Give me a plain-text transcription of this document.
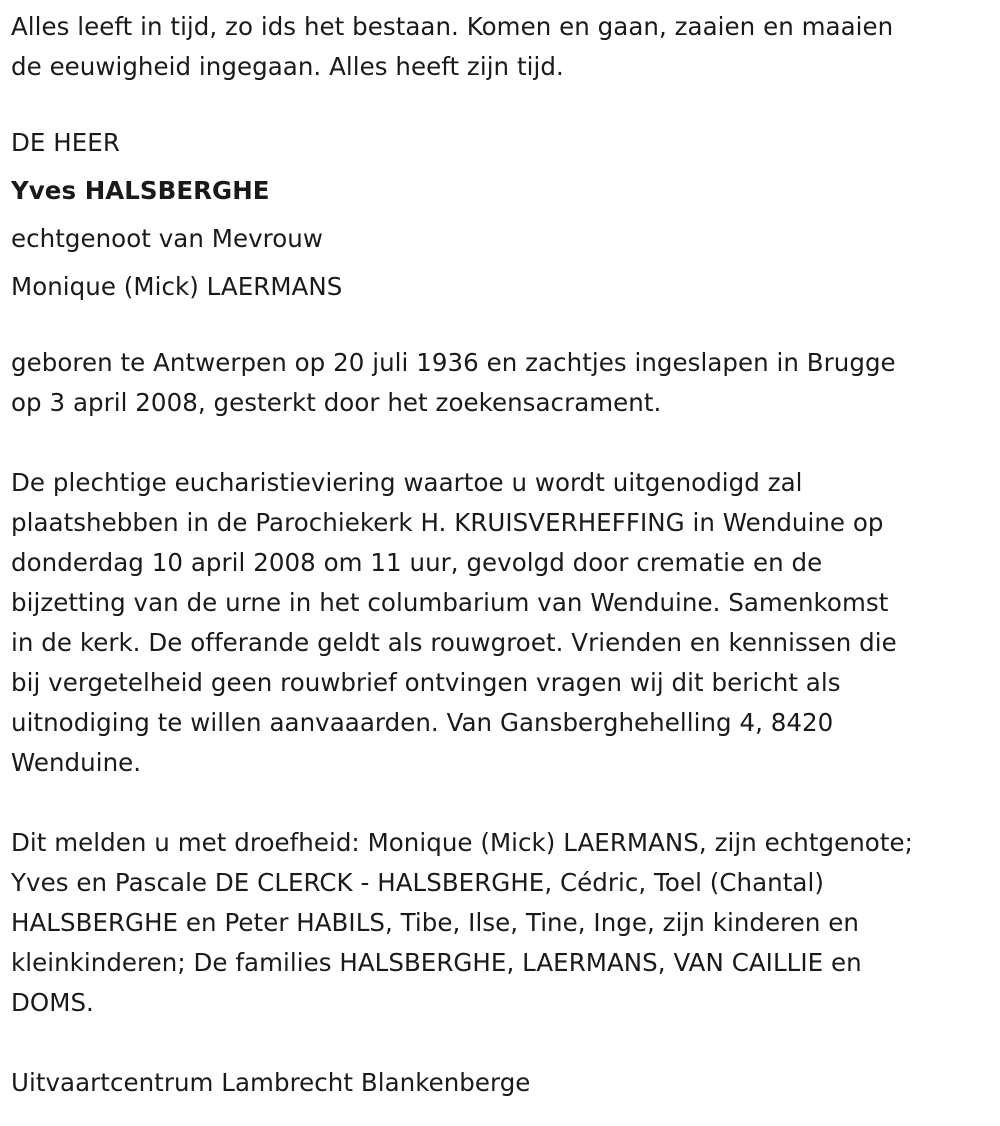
Alles leeft in tijd, zo ids het bestaan. Komen en gaan, zaaien en maaien
de eeuwigheid ingegaan. Alles heeft zijn tijd.
DE HEER
Yves HALSBERGHE
echtgenoot van Mevrouw
Monique (Mick) LAERMANS
geboren te Antwerpen op 20 juli 1936 en zachtjes ingeslapen in Brugge
op 3 april 2008, gesterkt door het zoekensacrament.
De plechtige eucharistieviering waartoe u wordt uitgenodigd zal
plaatshebben in de Parochiekerk H. KRUISVERHEFFING in Wenduine op
donderdag 10 april 2008 om 11 uur, gevolgd door crematie en de
bijzetting van de urne in het columbarium van Wenduine. Samenkomst
in de kerk. De offerande geldt als rouwgroet. Vrienden en kennissen die
bij vergetelheid geen rouwbrief ontvingen vragen wij dit bericht als
uitnodiging te willen aanvaaarden. Van Gansberghehelling 4, 8420
Wenduine.
Dit melden u met droefheid: Monique (Mick) LAERMANS, zijn echtgenote;
Yves en Pascale DE CLERCK - HALSBERGHE, Cédric, Toel (Chantal)
HALSBERGHE en Peter HABILS, Tibe, Ilse, Tine, Inge, zijn kinderen en
kleinkinderen; De families HALSBERGHE, LAERMANS, VAN CAILLIE en
DOMS.
Uitvaartcentrum Lambrecht Blankenberge
